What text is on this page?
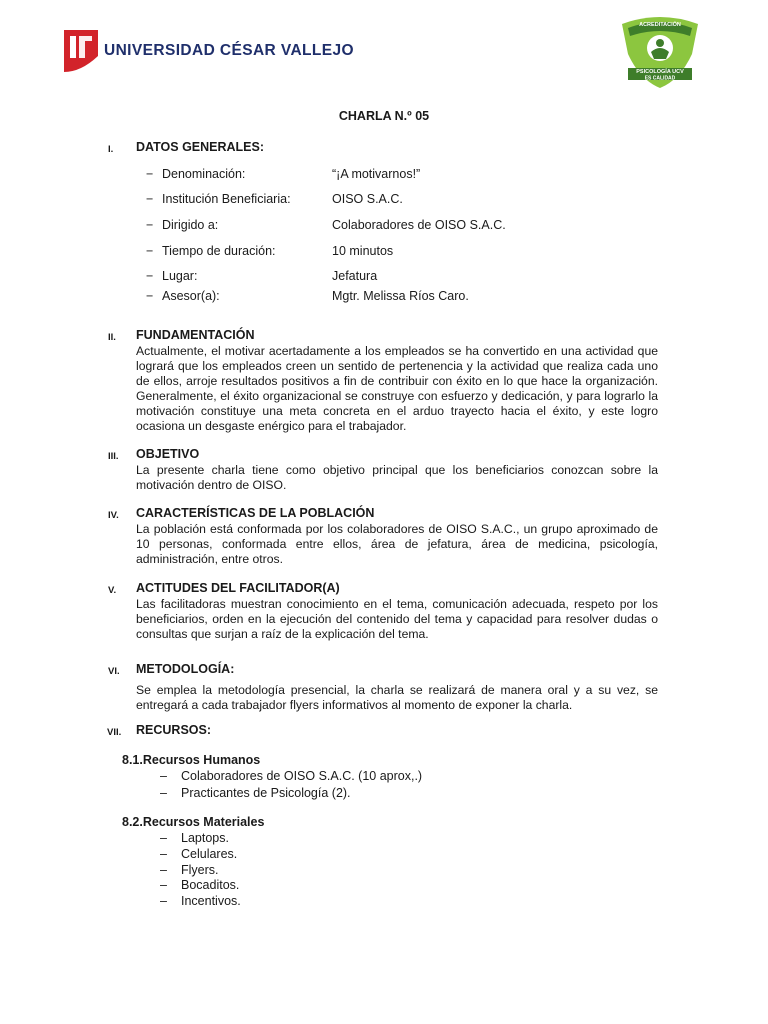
UNIVERSIDAD CÉSAR VALLEJO
ACREDITACIÓN
PSICOLOGÍA UCV
ES CALIDAD
CHARLA N.º 05
I. DATOS GENERALES:
− Denominación:	“¡A motivarnos!”
− Institución Beneficiaria:	OISO S.A.C.
− Dirigido a:	Colaboradores de OISO S.A.C.
− Tiempo de duración:	10 minutos
− Lugar:	Jefatura
− Asesor(a):	Mgtr. Melissa Ríos Caro.
II. FUNDAMENTACIÓN
Actualmente, el motivar acertadamente a los empleados se ha convertido en una actividad que logrará que los empleados creen un sentido de pertenencia y la actividad que realiza cada uno de ellos, arroje resultados positivos a fin de contribuir con éxito en lo que hace la organización. Generalmente, el éxito organizacional se construye con esfuerzo y dedicación, y para lograrlo la motivación constituye una meta concreta en el arduo trayecto hacia el éxito, y este logro ocasiona un desgaste enérgico para el trabajador.
III. OBJETIVO
La presente charla tiene como objetivo principal que los beneficiarios conozcan sobre la motivación dentro de OISO.
IV. CARACTERÍSTICAS DE LA POBLACIÓN
La población está conformada por los colaboradores de OISO S.A.C., un grupo aproximado de 10 personas, conformada entre ellos, área de jefatura, área de medicina, psicología, administración, entre otros.
V. ACTITUDES DEL FACILITADOR(A)
Las facilitadoras muestran conocimiento en el tema, comunicación adecuada, respeto por los beneficiarios, orden en la ejecución del contenido del tema y capacidad para resolver dudas o consultas que surjan a raíz de la explicación del tema.
VI. METODOLOGÍA:
Se emplea la metodología presencial, la charla se realizará de manera oral y a su vez, se entregará a cada trabajador flyers informativos al momento de exponer la charla.
VII. RECURSOS:
8.1.Recursos Humanos
– Colaboradores de OISO S.A.C. (10 aprox,.)
– Practicantes de Psicología (2).
8.2.Recursos Materiales
– Laptops.
– Celulares.
– Flyers.
– Bocaditos.
– Incentivos.
